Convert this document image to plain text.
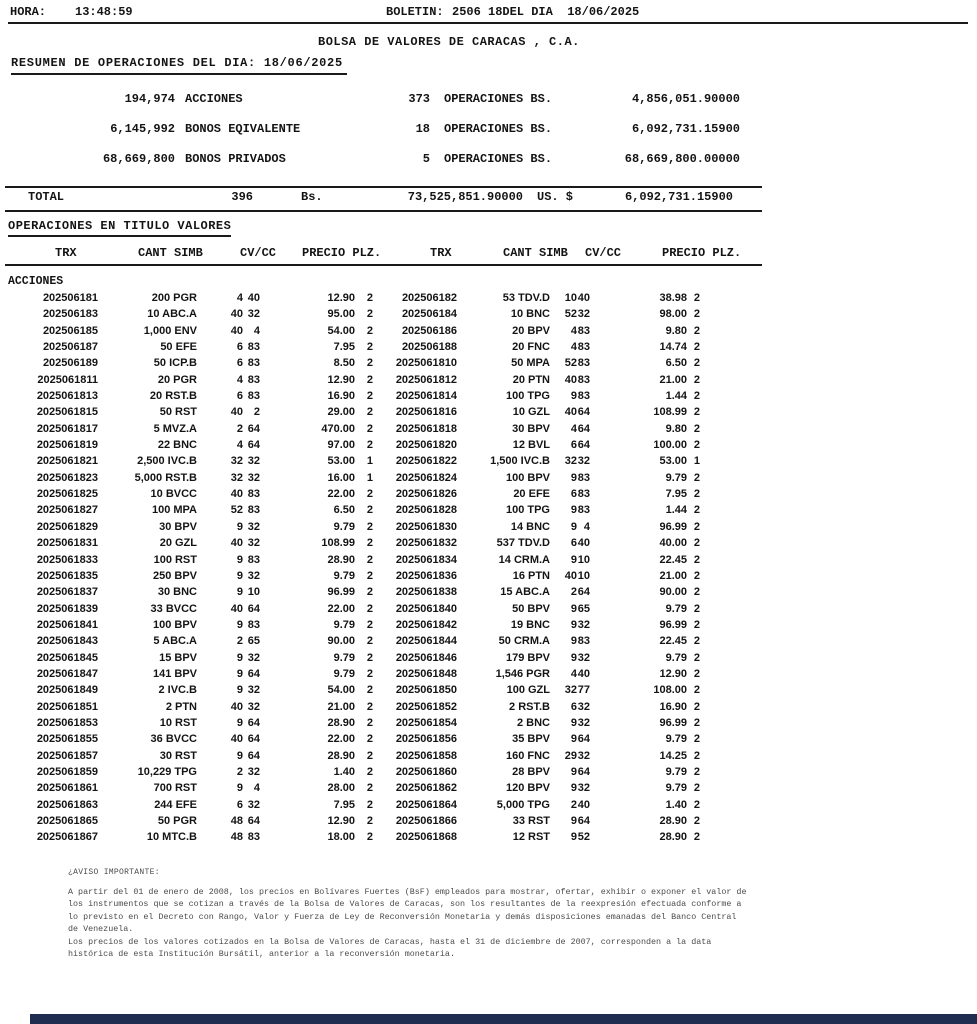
HORA: 13:48:59	BOLETIN: 2506 18DEL DIA  18/06/2025
BOLSA DE VALORES DE CARACAS , C.A.
RESUMEN DE OPERACIONES DEL DIA: 18/06/2025
194,974 ACCIONES	373	OPERACIONES BS.	4,856,051.90000
6,145,992 BONOS EQIVALENTE	18	OPERACIONES BS.	6,092,731.15900
68,669,800 BONOS PRIVADOS	5	OPERACIONES BS.	68,669,800.00000
TOTAL	396	Bs.	73,525,851.90000	US. $	6,092,731.15900
OPERACIONES EN TITULO VALORES
TRX	CANT SIMB	CV/CC PRECIO PLZ.	TRX	CANT SIMB CV/CC	PRECIO PLZ.
ACCIONES
202506181	200 PGR	4 40	12.90	2	202506182	53 TDV.D	10 40	38.98 2
202506183	10 ABC.A	40 32	95.00	2	202506184	10 BNC	52 32	98.00 2
202506185	1,000 ENV	40 4	54.00	2	202506186	20 BPV	4 83	9.80 2
202506187	50 EFE	6 83	7.95	2	202506188	20 FNC	4 83	14.74 2
202506189	50 ICP.B	6 83	8.50	2	2025061810	50 MPA	52 83	6.50 2
2025061811	20 PGR	4 83	12.90	2	2025061812	20 PTN	40 83	21.00 2
2025061813	20 RST.B	6 83	16.90	2	2025061814	100 TPG	9 83	1.44 2
2025061815	50 RST	40 2	29.00	2	2025061816	10 GZL	40 64	108.99 2
2025061817	5 MVZ.A	2 64	470.00	2	2025061818	30 BPV	4 64	9.80 2
2025061819	22 BNC	4 64	97.00	2	2025061820	12 BVL	6 64	100.00 2
2025061821	2,500 IVC.B	32 32	53.00	1	2025061822	1,500 IVC.B	32 32	53.00 1
2025061823	5,000 RST.B	32 32	16.00	1	2025061824	100 BPV	9 83	9.79 2
2025061825	10 BVCC	40 83	22.00	2	2025061826	20 EFE	6 83	7.95 2
2025061827	100 MPA	52 83	6.50	2	2025061828	100 TPG	9 83	1.44 2
2025061829	30 BPV	9 32	9.79	2	2025061830	14 BNC	9 4	96.99 2
2025061831	20 GZL	40 32	108.99	2	2025061832	537 TDV.D	6 40	40.00 2
2025061833	100 RST	9 83	28.90	2	2025061834	14 CRM.A	9 10	22.45 2
2025061835	250 BPV	9 32	9.79	2	2025061836	16 PTN	40 10	21.00 2
2025061837	30 BNC	9 10	96.99	2	2025061838	15 ABC.A	2 64	90.00 2
2025061839	33 BVCC	40 64	22.00	2	2025061840	50 BPV	9 65	9.79 2
2025061841	100 BPV	9 83	9.79	2	2025061842	19 BNC	9 32	96.99 2
2025061843	5 ABC.A	2 65	90.00	2	2025061844	50 CRM.A	9 83	22.45 2
2025061845	15 BPV	9 32	9.79	2	2025061846	179 BPV	9 32	9.79 2
2025061847	141 BPV	9 64	9.79	2	2025061848	1,546 PGR	4 40	12.90 2
2025061849	2 IVC.B	9 32	54.00	2	2025061850	100 GZL	32 77	108.00 2
2025061851	2 PTN	40 32	21.00	2	2025061852	2 RST.B	6 32	16.90 2
2025061853	10 RST	9 64	28.90	2	2025061854	2 BNC	9 32	96.99 2
2025061855	36 BVCC	40 64	22.00	2	2025061856	35 BPV	9 64	9.79 2
2025061857	30 RST	9 64	28.90	2	2025061858	160 FNC	29 32	14.25 2
2025061859	10,229 TPG	2 32	1.40	2	2025061860	28 BPV	9 64	9.79 2
2025061861	700 RST	9 4	28.00	2	2025061862	120 BPV	9 32	9.79 2
2025061863	244 EFE	6 32	7.95	2	2025061864	5,000 TPG	2 40	1.40 2
2025061865	50 PGR	48 64	12.90	2	2025061866	33 RST	9 64	28.90 2
2025061867	10 MTC.B	48 83	18.00	2	2025061868	12 RST	9 52	28.90 2
¿AVISO IMPORTANTE:
A partir del 01 de enero de 2008, los precios en Bolívares Fuertes (BsF) empleados para mostrar, ofertar, exhibir o exponer el valor de los instrumentos que se cotizan a través de la Bolsa de Valores de Caracas, son los resultantes de la reexpresión efectuada conforme a lo previsto en el Decreto con Rango, Valor y Fuerza de Ley de Reconversión Monetaria y demás disposiciones emanadas del Banco Central de Venezuela.
Los precios de los valores cotizados en la Bolsa de Valores de Caracas, hasta el 31 de diciembre de 2007, corresponden a la data histórica de esta Institución Bursátil, anterior a la reconversión monetaria.
